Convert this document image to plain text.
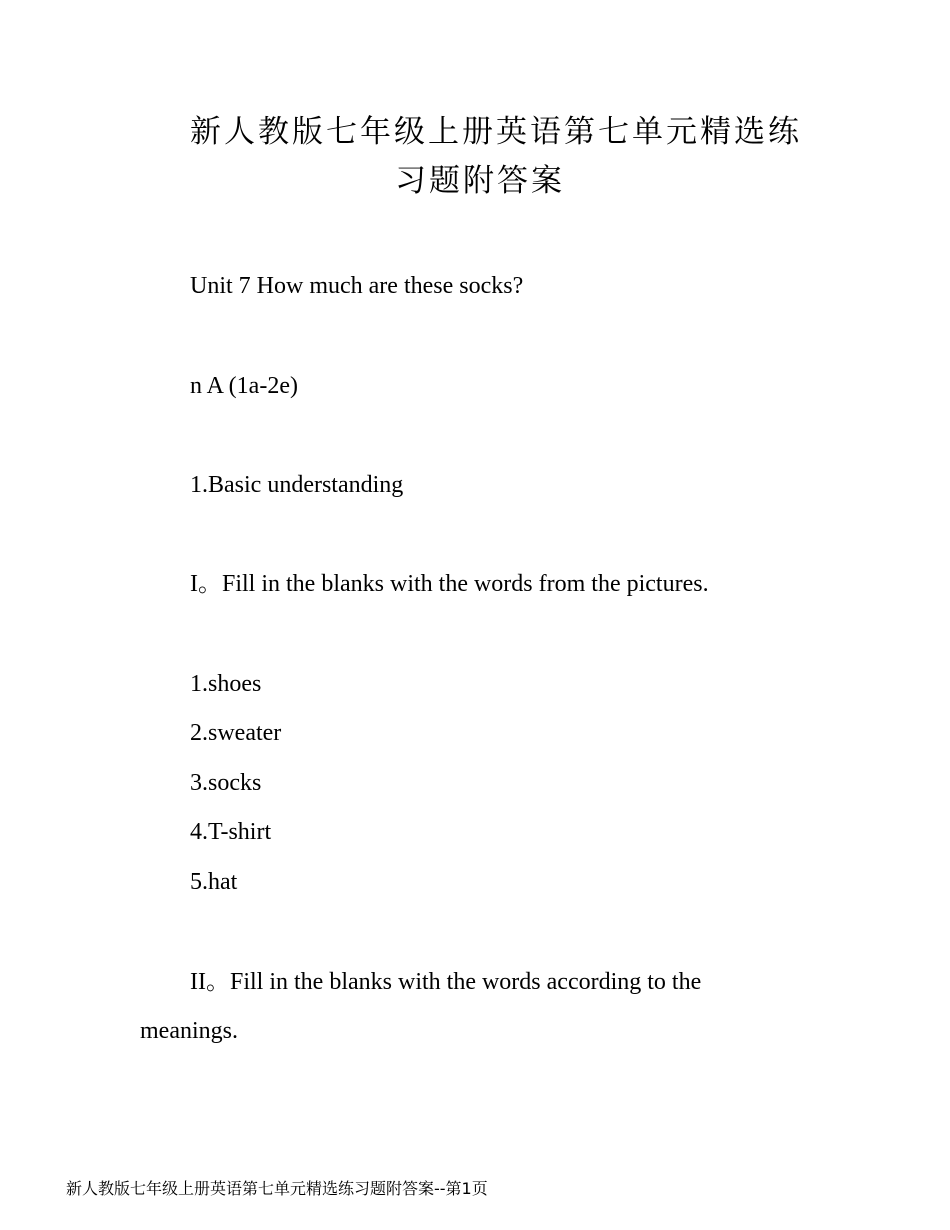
新人教版七年级上册英语第七单元精选练
习题附答案
Unit 7 How much are these socks?
n A (1a-2e)
1.Basic understanding
I。Fill in the blanks with the words from the pictures.
1.shoes
2.sweater
3.socks
4.T-shirt
5.hat
II。Fill in the blanks with the words according to the
meanings.
新人教版七年级上册英语第七单元精选练习题附答案--第1页
